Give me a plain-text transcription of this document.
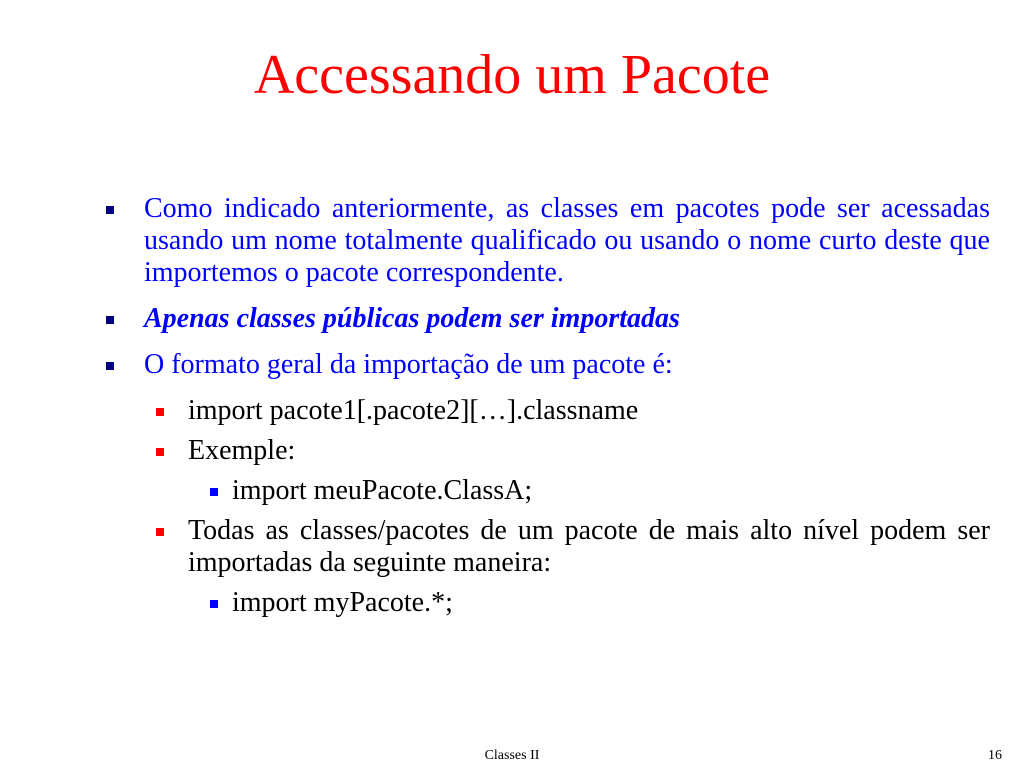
Accessando um Pacote
Como indicado anteriormente, as classes em pacotes pode ser acessadas usando um nome totalmente qualificado ou usando o nome curto deste que importemos o pacote correspondente.
Apenas classes públicas podem ser importadas
O formato geral da importação de um pacote é:
import pacote1[.pacote2][…].classname
Exemple:
import meuPacote.ClassA;
Todas as classes/pacotes de um pacote de mais alto nível podem ser importadas da seguinte maneira:
import myPacote.*;
Classes II	16
